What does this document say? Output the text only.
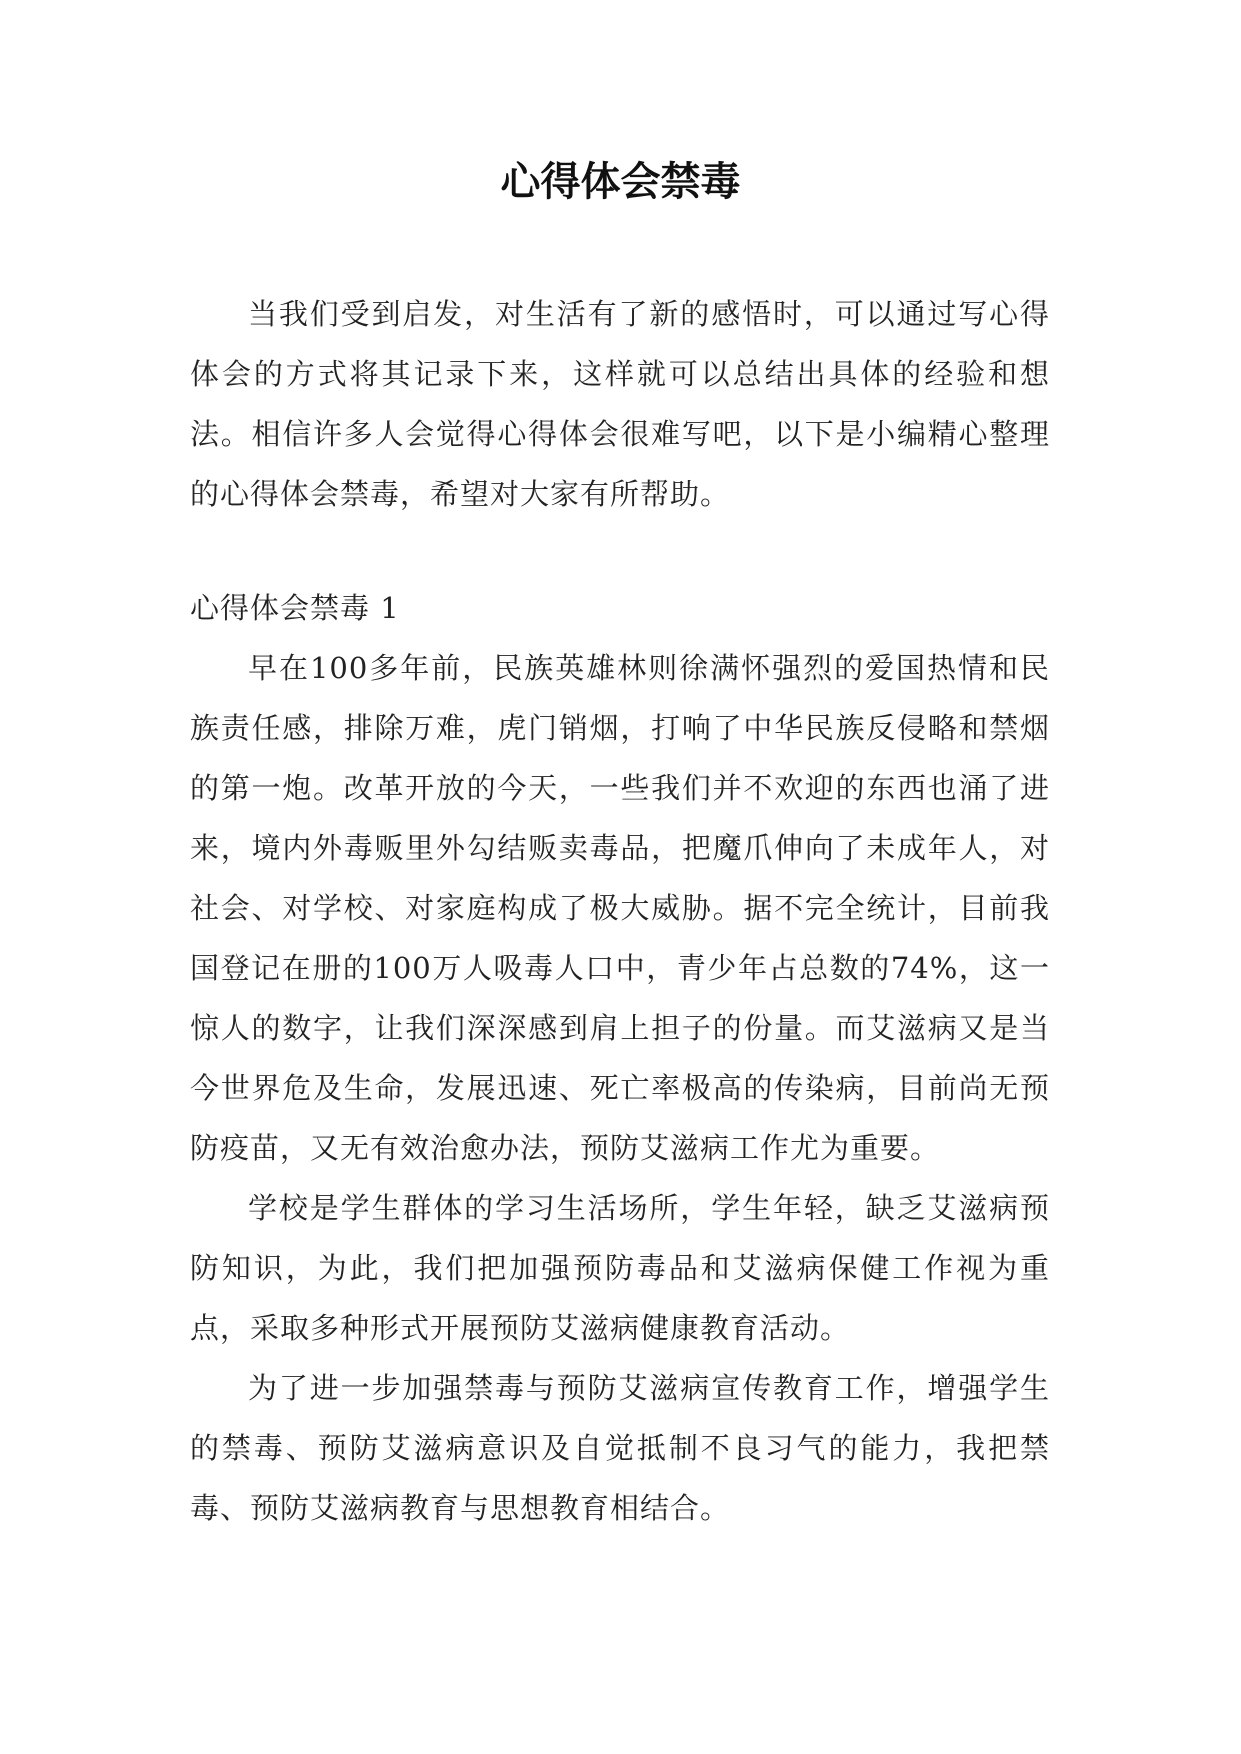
心得体会禁毒

当我们受到启发，对生活有了新的感悟时，可以通过写心得体会的方式将其记录下来，这样就可以总结出具体的经验和想法。相信许多人会觉得心得体会很难写吧，以下是小编精心整理的心得体会禁毒，希望对大家有所帮助。

心得体会禁毒 1

早在100多年前，民族英雄林则徐满怀强烈的爱国热情和民族责任感，排除万难，虎门销烟，打响了中华民族反侵略和禁烟的第一炮。改革开放的今天，一些我们并不欢迎的东西也涌了进来，境内外毒贩里外勾结贩卖毒品，把魔爪伸向了未成年人，对社会、对学校、对家庭构成了极大威胁。据不完全统计，目前我国登记在册的100万人吸毒人口中，青少年占总数的74%，这一惊人的数字，让我们深深感到肩上担子的份量。而艾滋病又是当今世界危及生命，发展迅速、死亡率极高的传染病，目前尚无预防疫苗，又无有效治愈办法，预防艾滋病工作尤为重要。

学校是学生群体的学习生活场所，学生年轻，缺乏艾滋病预防知识，为此，我们把加强预防毒品和艾滋病保健工作视为重点，采取多种形式开展预防艾滋病健康教育活动。

为了进一步加强禁毒与预防艾滋病宣传教育工作，增强学生的禁毒、预防艾滋病意识及自觉抵制不良习气的能力，我把禁毒、预防艾滋病教育与思想教育相结合。
